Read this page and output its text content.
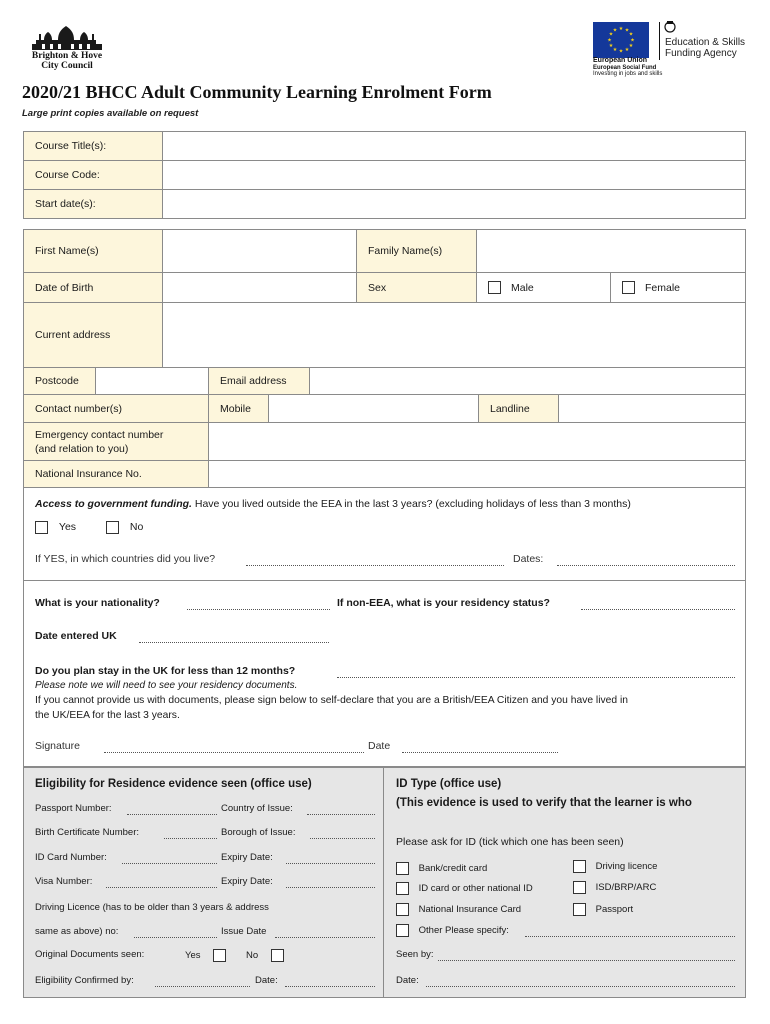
Brighton & Hove
City Council
★ ★
★
★
★
★
★
★
★
★
★
★
European Union
European Social Fund
Investing in jobs and skills
Education & Skills
Funding Agency
2020/21 BHCC Adult Community Learning Enrolment Form
Large print copies available on request
Course Title(s):
Course Code:
Start date(s):
First Name(s)	Family Name(s)
Date of Birth	Sex	Male	Female
Current address
Postcode	Email address
Contact number(s)	Mobile	Landline
Emergency contact number
(and relation to you)
National Insurance No.
Access to government funding. Have you lived outside the EEA in the last 3 years? (excluding holidays of less than 3 months)
Yes	No
If YES, in which countries did you live?	Dates:
What is your nationality?	If non-EEA, what is your residency status?
Date entered UK
Do you plan stay in the UK for less than 12 months?
Please note we will need to see your residency documents.
If you cannot provide us with documents, please sign below to self-declare that you are a British/EEA Citizen and you have lived in
the UK/EEA for the last 3 years.
Signature	Date
Eligibility for Residence evidence seen (office use)
Passport Number:	Country of Issue:
Birth Certificate Number:	Borough of Issue:
ID Card Number:	Expiry Date:
Visa Number:	Expiry Date:
Driving Licence (has to be older than 3 years & address
same as above) no:	Issue Date
Original Documents seen:	Yes	No
Eligibility Confirmed by:	Date:
ID Type (office use)
(This evidence is used to verify that the learner is who
Please ask for ID (tick which one has been seen)
Bank/credit card	Driving licence
ID card or other national ID	ISD/BRP/ARC
National Insurance Card	Passport
Other Please specify:
Seen by:
Date:
